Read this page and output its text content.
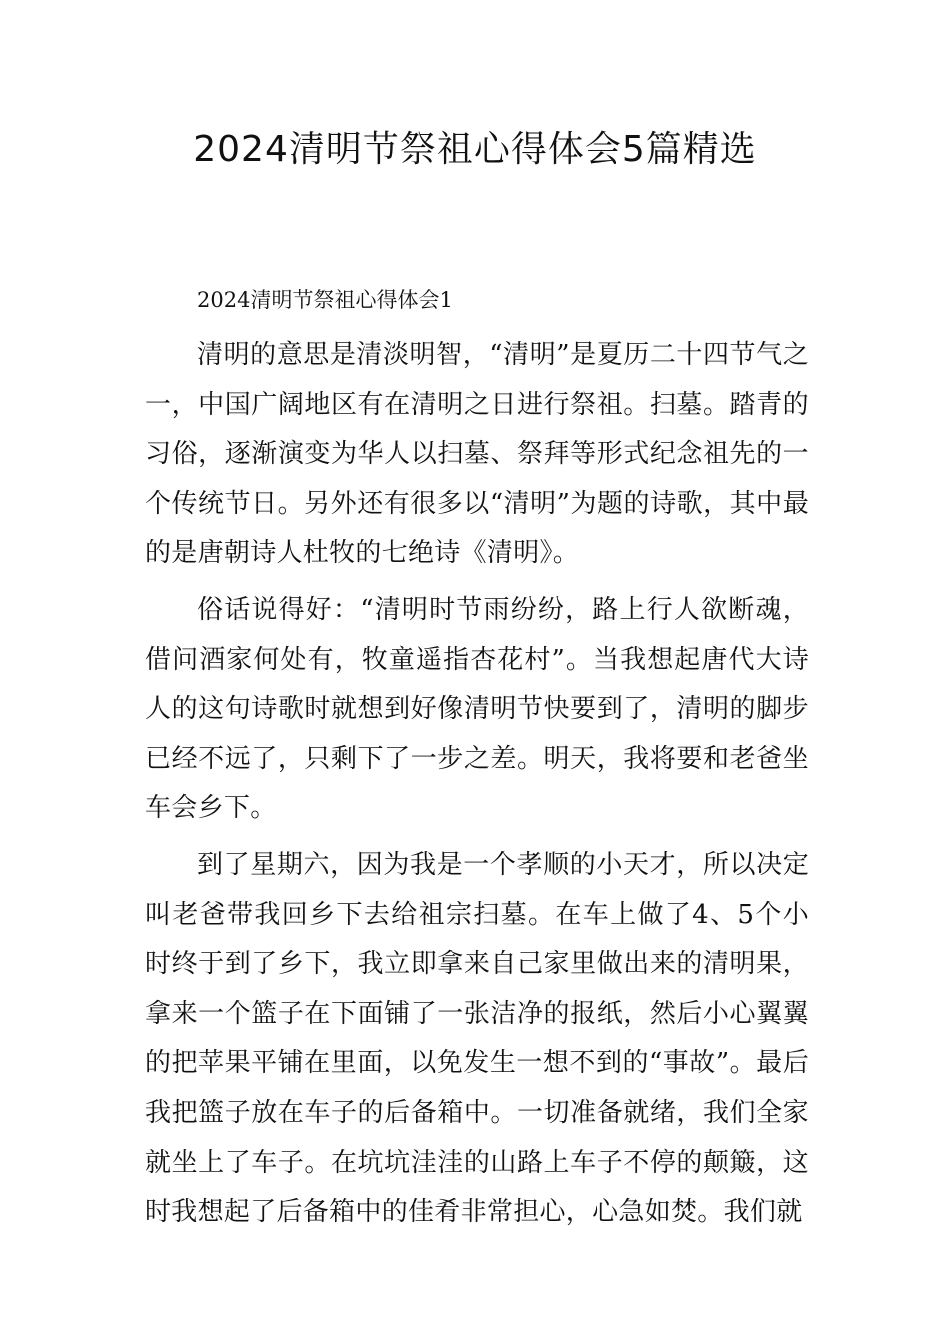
2024清明节祭祖心得体会5篇精选

2024清明节祭祖心得体会1

清明的意思是清淡明智，“清明”是夏历二十四节气之一，中国广阔地区有在清明之日进行祭祖。扫墓。踏青的习俗，逐渐演变为华人以扫墓、祭拜等形式纪念祖先的一个传统节日。另外还有很多以“清明”为题的诗歌，其中最的是唐朝诗人杜牧的七绝诗《清明》。

俗话说得好：“清明时节雨纷纷，路上行人欲断魂，借问酒家何处有，牧童遥指杏花村”。当我想起唐代大诗人的这句诗歌时就想到好像清明节快要到了，清明的脚步已经不远了，只剩下了一步之差。明天，我将要和老爸坐车会乡下。

到了星期六，因为我是一个孝顺的小天才，所以决定叫老爸带我回乡下去给祖宗扫墓。在车上做了4、5个小时终于到了乡下，我立即拿来自己家里做出来的清明果，拿来一个篮子在下面铺了一张洁净的报纸，然后小心翼翼的把苹果平铺在里面，以免发生一想不到的“事故”。最后我把篮子放在车子的后备箱中。一切准备就绪，我们全家就坐上了车子。在坑坑洼洼的山路上车子不停的颠簸，这时我想起了后备箱中的佳肴非常担心，心急如焚。我们就
